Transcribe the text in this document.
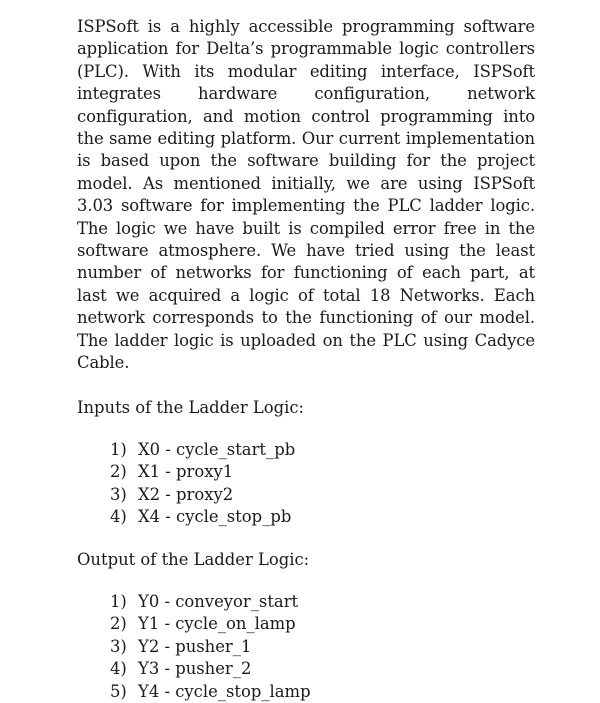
ISPSoft is a highly accessible programming software application for Delta’s programmable logic controllers (PLC). With its modular editing interface, ISPSoft integrates hardware configuration, network configuration, and motion control programming into the same editing platform. Our current implementation is based upon the software building for the project model. As mentioned initially, we are using ISPSoft 3.03 software for implementing the PLC ladder logic. The logic we have built is compiled error free in the software atmosphere. We have tried using the least number of networks for functioning of each part, at last we acquired a logic of total 18 Networks. Each network corresponds to the functioning of our model. The ladder logic is uploaded on the PLC using Cadyce Cable.

Inputs of the Ladder Logic:

1) X0 - cycle_start_pb
2) X1 - proxy1
3) X2 - proxy2
4) X4 - cycle_stop_pb

Output of the Ladder Logic:

1) Y0 - conveyor_start
2) Y1 - cycle_on_lamp
3) Y2 - pusher_1
4) Y3 - pusher_2
5) Y4 - cycle_stop_lamp
